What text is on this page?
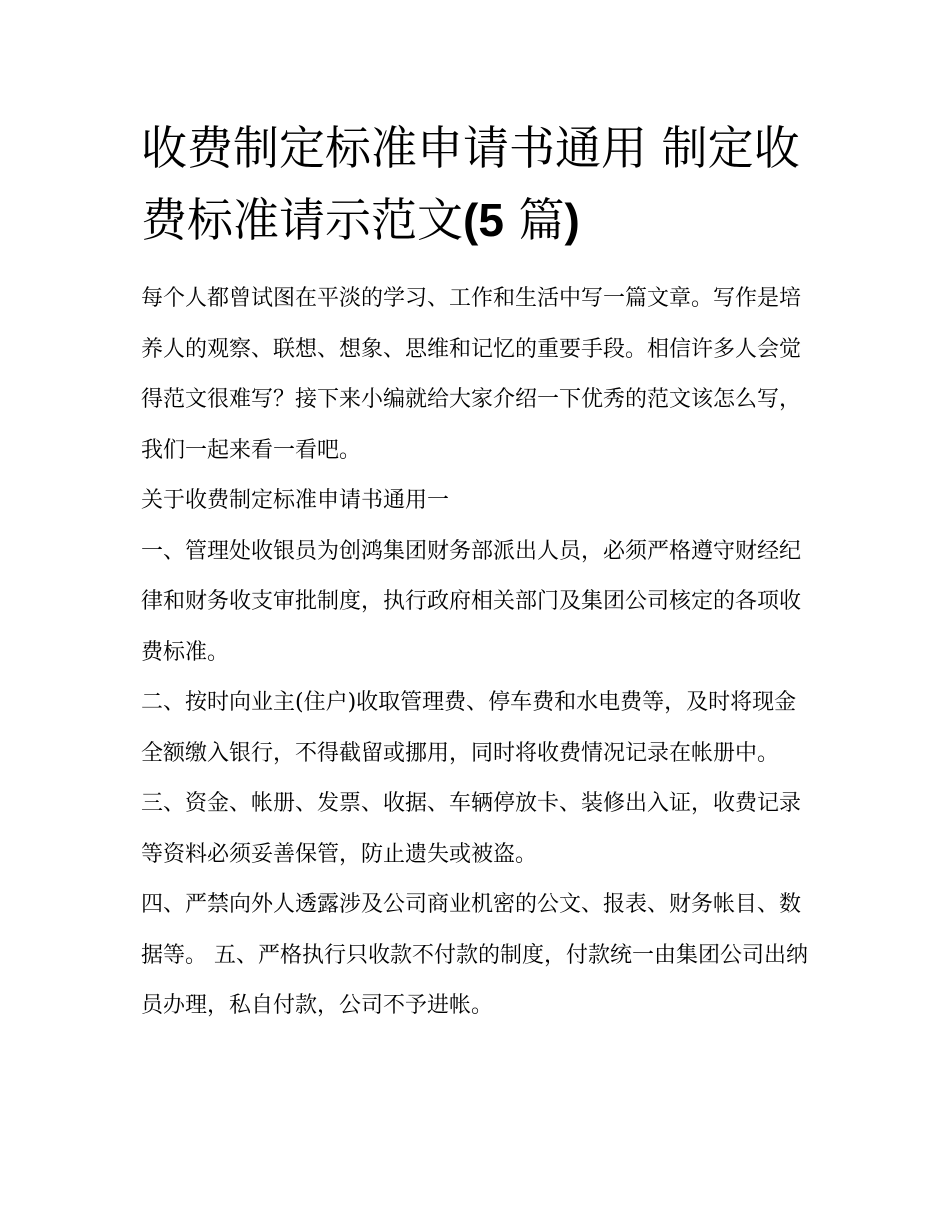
收费制定标准申请书通用 制定收费标准请示范文(5 篇)

每个人都曾试图在平淡的学习、工作和生活中写一篇文章。写作是培养人的观察、联想、想象、思维和记忆的重要手段。相信许多人会觉得范文很难写？接下来小编就给大家介绍一下优秀的范文该怎么写，我们一起来看一看吧。

关于收费制定标准申请书通用一

一、管理处收银员为创鸿集团财务部派出人员，必须严格遵守财经纪律和财务收支审批制度，执行政府相关部门及集团公司核定的各项收费标准。

二、按时向业主(住户)收取管理费、停车费和水电费等，及时将现金全额缴入银行，不得截留或挪用，同时将收费情况记录在帐册中。

三、资金、帐册、发票、收据、车辆停放卡、装修出入证，收费记录等资料必须妥善保管，防止遗失或被盗。

四、严禁向外人透露涉及公司商业机密的公文、报表、财务帐目、数据等。 五、严格执行只收款不付款的制度，付款统一由集团公司出纳员办理，私自付款，公司不予进帐。
